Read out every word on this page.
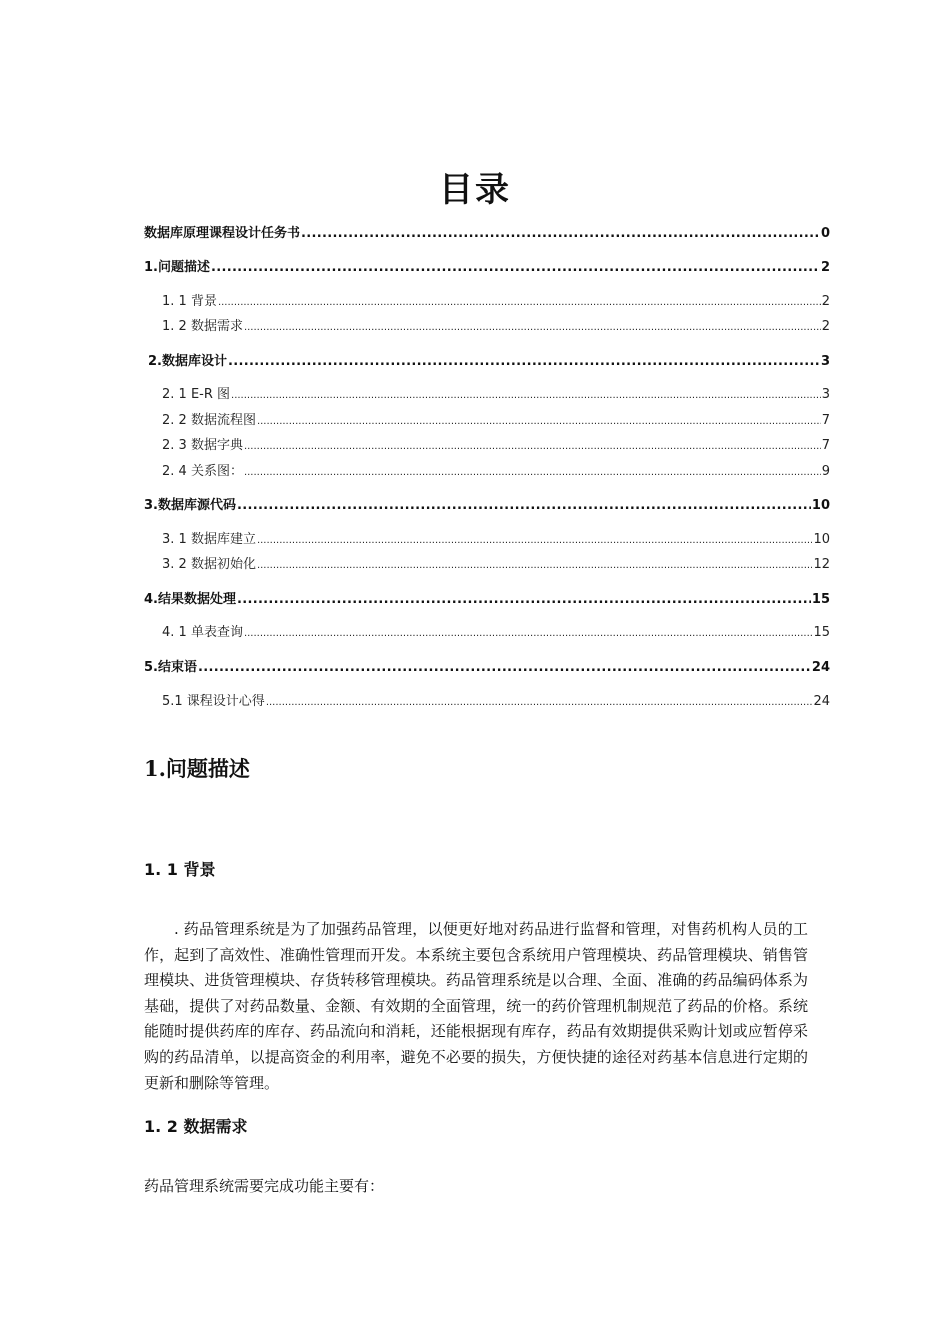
目录
数据库原理课程设计任务书 .....	0
1.问题描述 .....	2
1. 1 背景 .....	2
1. 2 数据需求 .....	2
2.数据库设计 .....	3
2. 1 E-R 图 .....	3
2. 2 数据流程图 .....	7
2. 3 数据字典 .....	7
2. 4 关系图： .....	9
3.数据库源代码 .....	10
3. 1 数据库建立 .....	10
3. 2 数据初始化 .....	12
4.结果数据处理 .....	15
4. 1 单表查询 .....	15
5.结束语 .....	24
5.1 课程设计心得 .....	24
1.问题描述
1. 1 背景
. 药品管理系统是为了加强药品管理，以便更好地对药品进行监督和管理，对售药机构人员的工作，起到了高效性、准确性管理而开发。本系统主要包含系统用户管理模块、药品管理模块、销售管理模块、进货管理模块、存货转移管理模块。药品管理系统是以合理、全面、准确的药品编码体系为基础，提供了对药品数量、金额、有效期的全面管理，统一的药价管理机制规范了药品的价格。系统能随时提供药库的库存、药品流向和消耗，还能根据现有库存，药品有效期提供采购计划或应暂停采购的药品清单，以提高资金的利用率，避免不必要的损失，方便快捷的途径对药基本信息进行定期的更新和删除等管理。
1. 2 数据需求
药品管理系统需要完成功能主要有：
